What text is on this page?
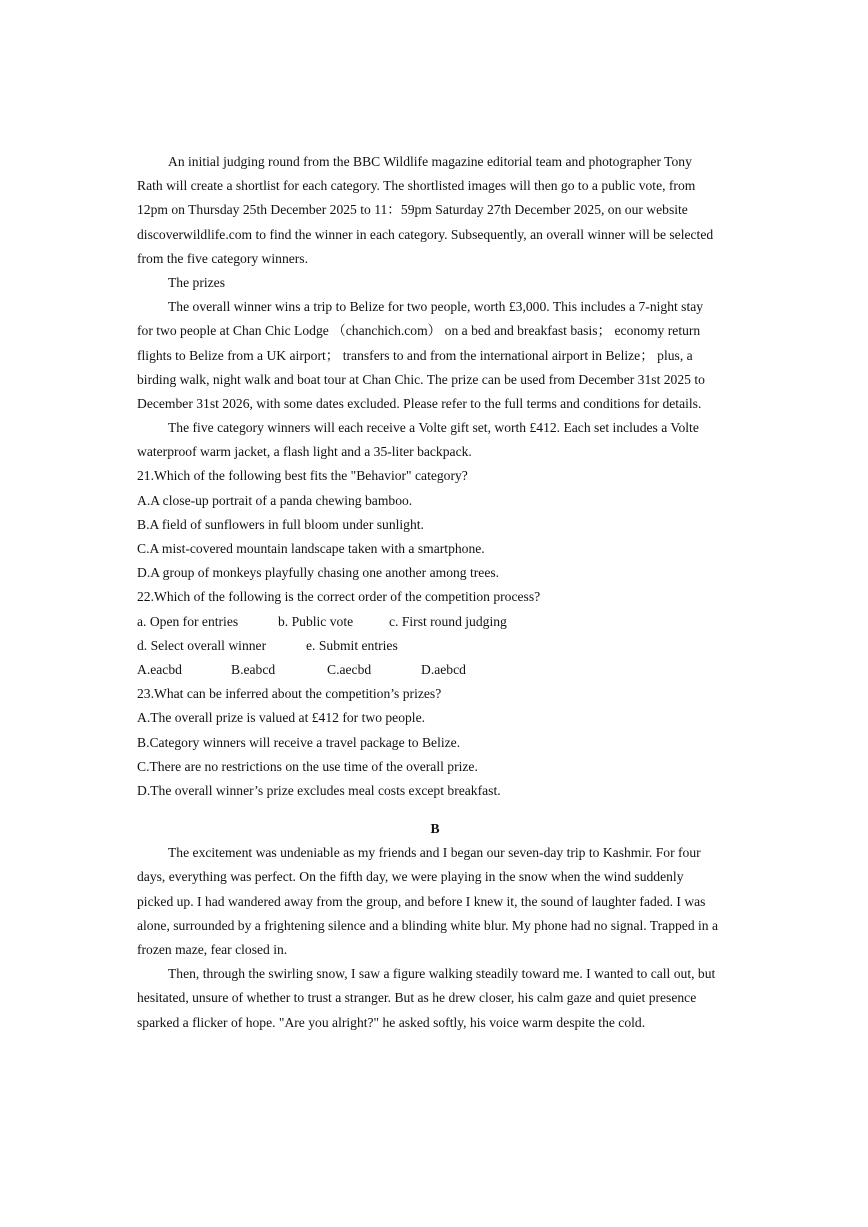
An initial judging round from the BBC Wildlife magazine editorial team and photographer Tony
Rath will create a shortlist for each category. The shortlisted images will then go to a public vote, from
12pm on Thursday 25th December 2025 to 11：59pm Saturday 27th December 2025, on our website
discoverwildlife.com to find the winner in each category. Subsequently, an overall winner will be selected
from the five category winners.
The prizes
The overall winner wins a trip to Belize for two people, worth £3,000. This includes a 7-night stay
for two people at Chan Chic Lodge （chanchich.com） on a bed and breakfast basis； economy return
flights to Belize from a UK airport； transfers to and from the international airport in Belize； plus, a
birding walk, night walk and boat tour at Chan Chic. The prize can be used from December 31st 2025 to
December 31st 2026, with some dates excluded. Please refer to the full terms and conditions for details.
The five category winners will each receive a Volte gift set, worth £412. Each set includes a Volte
waterproof warm jacket, a flash light and a 35-liter backpack.
21.Which of the following best fits the "Behavior" category?
A.A close-up portrait of a panda chewing bamboo.
B.A field of sunflowers in full bloom under sunlight.
C.A mist-covered mountain landscape taken with a smartphone.
D.A group of monkeys playfully chasing one another among trees.
22.Which of the following is the correct order of the competition process?
a. Open for entries	b. Public vote	c. First round judging
d. Select overall winner	e. Submit entries
A.eacbd	B.eabcd	C.aecbd	D.aebcd
23.What can be inferred about the competition’s prizes?
A.The overall prize is valued at £412 for two people.
B.Category winners will receive a travel package to Belize.
C.There are no restrictions on the use time of the overall prize.
D.The overall winner’s prize excludes meal costs except breakfast.
B
The excitement was undeniable as my friends and I began our seven-day trip to Kashmir. For four
days, everything was perfect. On the fifth day, we were playing in the snow when the wind suddenly
picked up. I had wandered away from the group, and before I knew it, the sound of laughter faded. I was
alone, surrounded by a frightening silence and a blinding white blur. My phone had no signal. Trapped in a
frozen maze, fear closed in.
Then, through the swirling snow, I saw a figure walking steadily toward me. I wanted to call out, but
hesitated, unsure of whether to trust a stranger. But as he drew closer, his calm gaze and quiet presence
sparked a flicker of hope. "Are you alright?" he asked softly, his voice warm despite the cold.
